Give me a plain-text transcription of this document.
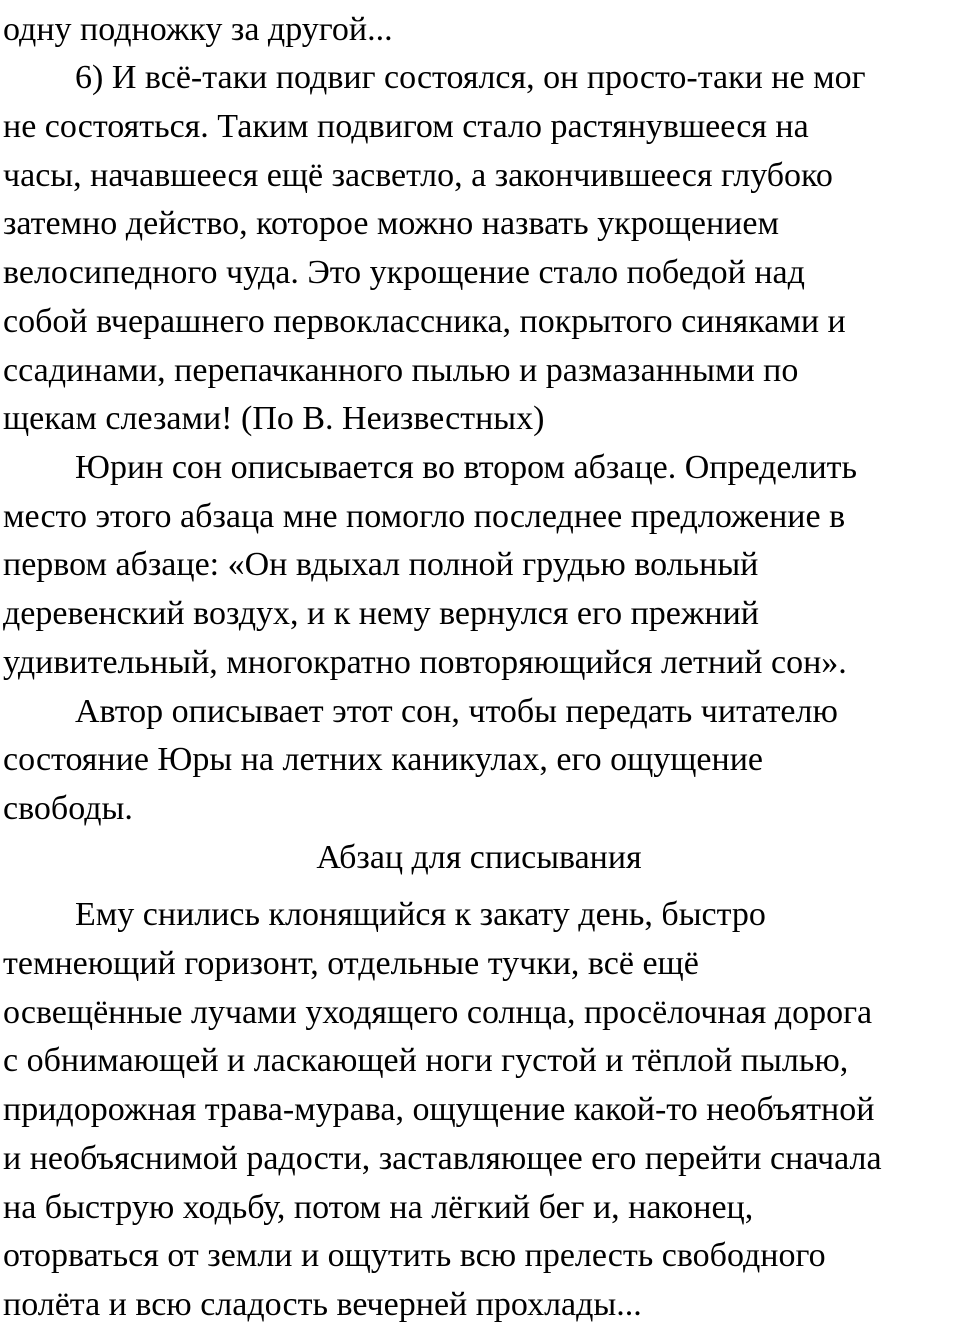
одну подножку за другой...

6) И всё-таки подвиг состоялся, он просто-таки не мог

не состояться. Таким подвигом стало растянувшееся на

часы, начавшееся ещё засветло, а закончившееся глубоко

затемно действо, которое можно назвать укрощением

велосипедного чуда. Это укрощение стало победой над

собой вчерашнего первоклассника, покрытого синяками и

ссадинами, перепачканного пылью и размазанными по

щекам слезами! (По В. Неизвестных)

Юрин сон описывается во втором абзаце. Определить

место этого абзаца мне помогло последнее предложение в

первом абзаце: «Он вдыхал полной грудью вольный

деревенский воздух, и к нему вернулся его прежний

удивительный, многократно повторяющийся летний сон».

Автор описывает этот сон, чтобы передать читателю

состояние Юры на летних каникулах, его ощущение

свободы.

Абзац для списывания

Ему снились клонящийся к закату день, быстро

темнеющий горизонт, отдельные тучки, всё ещё

освещённые лучами уходящего солнца, просёлочная дорога

с обнимающей и ласкающей ноги густой и тёплой пылью,

придорожная трава-мурава, ощущение какой-то необъятной

и необъяснимой радости, заставляющее его перейти сначала

на быструю ходьбу, потом на лёгкий бег и, наконец,

оторваться от земли и ощутить всю прелесть свободного

полёта и всю сладость вечерней прохлады...
